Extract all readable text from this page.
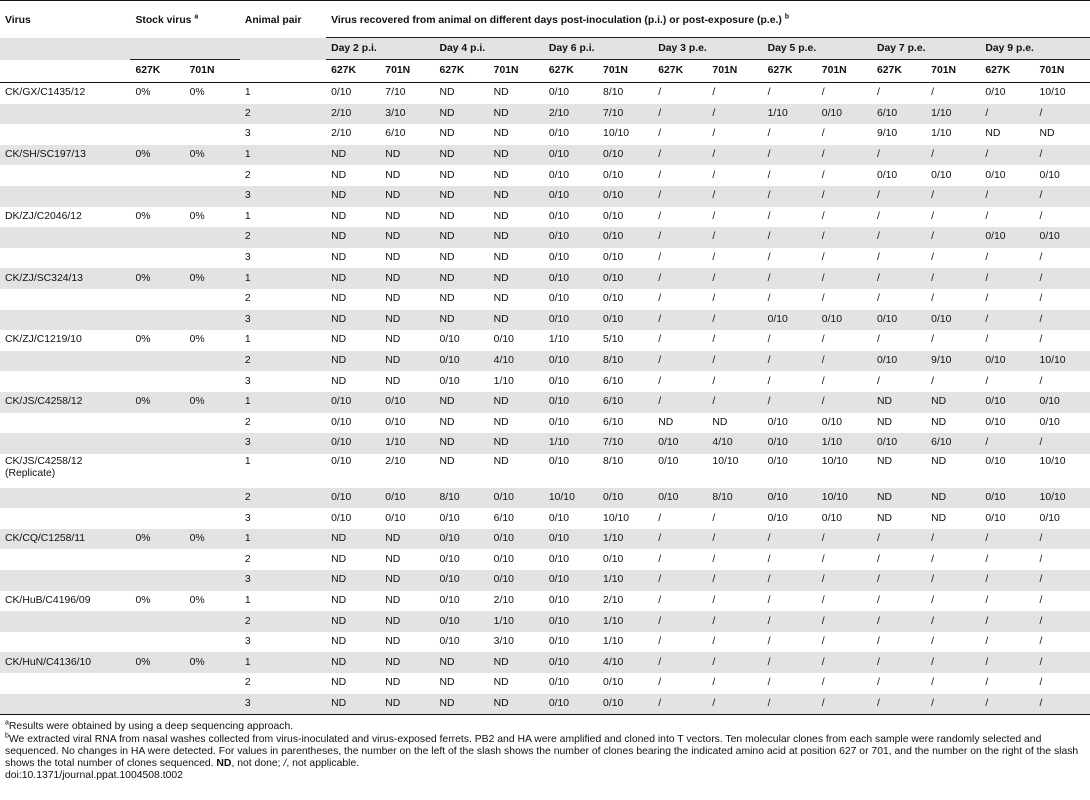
Virus	Stock virus $^a$		Animal pair	Virus recovered from animal on different days post-inoculation (p.i.) or post-exposure (p.e.) $^b$
				Day 2 p.i.		Day 4 p.i.		Day 6 p.i.		Day 3 p.e.		Day 5 p.e.		Day 7 p.e.		Day 9 p.e.	
	627K	701N		627K	701N	627K	701N	627K	701N	627K	701N	627K	701N	627K	701N	627K	701N
CK/GX/C1435/12	0%	0%	1	0/10	7/10	ND	ND	0/10	8/10	/	/	/	/	/	/	0/10	10/10
			2	2/10	3/10	ND	ND	2/10	7/10	/	/	1/10	0/10	6/10	1/10	/	/
			3	2/10	6/10	ND	ND	0/10	10/10	/	/	/	/	9/10	1/10	ND	ND
CK/SH/SC197/13	0%	0%	1	ND	ND	ND	ND	0/10	0/10	/	/	/	/	/	/	/	/
			2	ND	ND	ND	ND	0/10	0/10	/	/	/	/	0/10	0/10	0/10	0/10
			3	ND	ND	ND	ND	0/10	0/10	/	/	/	/	/	/	/	/
DK/ZJ/C2046/12	0%	0%	1	ND	ND	ND	ND	0/10	0/10	/	/	/	/	/	/	/	/
			2	ND	ND	ND	ND	0/10	0/10	/	/	/	/	/	/	0/10	0/10
			3	ND	ND	ND	ND	0/10	0/10	/	/	/	/	/	/	/	/
CK/ZJ/SC324/13	0%	0%	1	ND	ND	ND	ND	0/10	0/10	/	/	/	/	/	/	/	/
			2	ND	ND	ND	ND	0/10	0/10	/	/	/	/	/	/	/	/
			3	ND	ND	ND	ND	0/10	0/10	/	/	0/10	0/10	0/10	0/10	/	/
CK/ZJ/C1219/10	0%	0%	1	ND	ND	0/10	0/10	1/10	5/10	/	/	/	/	/	/	/	/
			2	ND	ND	0/10	4/10	0/10	8/10	/	/	/	/	0/10	9/10	0/10	10/10
			3	ND	ND	0/10	1/10	0/10	6/10	/	/	/	/	/	/	/	/
CK/JS/C4258/12	0%	0%	1	0/10	0/10	ND	ND	0/10	6/10	/	/	/	/	ND	ND	0/10	0/10
			2	0/10	0/10	ND	ND	0/10	6/10	ND	ND	0/10	0/10	ND	ND	0/10	0/10
			3	0/10	1/10	ND	ND	1/10	7/10	0/10	4/10	0/10	1/10	0/10	6/10	/	/
CK/JS/C4258/12 (Replicate)			1	0/10	2/10	ND	ND	0/10	8/10	0/10	10/10	0/10	10/10	ND	ND	0/10	10/10
			2	0/10	0/10	8/10	0/10	10/10	0/10	0/10	8/10	0/10	10/10	ND	ND	0/10	10/10
			3	0/10	0/10	0/10	6/10	0/10	10/10	/	/	0/10	0/10	ND	ND	0/10	0/10
CK/CQ/C1258/11	0%	0%	1	ND	ND	0/10	0/10	0/10	1/10	/	/	/	/	/	/	/	/
			2	ND	ND	0/10	0/10	0/10	0/10	/	/	/	/	/	/	/	/
			3	ND	ND	0/10	0/10	0/10	1/10	/	/	/	/	/	/	/	/
CK/HuB/C4196/09	0%	0%	1	ND	ND	0/10	2/10	0/10	2/10	/	/	/	/	/	/	/	/
			2	ND	ND	0/10	1/10	0/10	1/10	/	/	/	/	/	/	/	/
			3	ND	ND	0/10	3/10	0/10	1/10	/	/	/	/	/	/	/	/
CK/HuN/C4136/10	0%	0%	1	ND	ND	ND	ND	0/10	4/10	/	/	/	/	/	/	/	/
			2	ND	ND	ND	ND	0/10	0/10	/	/	/	/	/	/	/	/
			3	ND	ND	ND	ND	0/10	0/10	/	/	/	/	/	/	/	/

$^a$Results were obtained by using a deep sequencing approach.

$^b$We extracted viral RNA from nasal washes collected from virus-inoculated and virus-exposed ferrets. PB2 and HA were amplified and cloned into T vectors. Ten molecular clones from each sample were randomly selected and sequenced. No changes in HA were detected. For values in parentheses, the number on the left of the slash shows the number of clones bearing the indicated amino acid at position 627 or 701, and the number on the right of the slash shows the total number of clones sequenced. ND, not done; /, not applicable.

doi:10.1371/journal.ppat.1004508.t002
